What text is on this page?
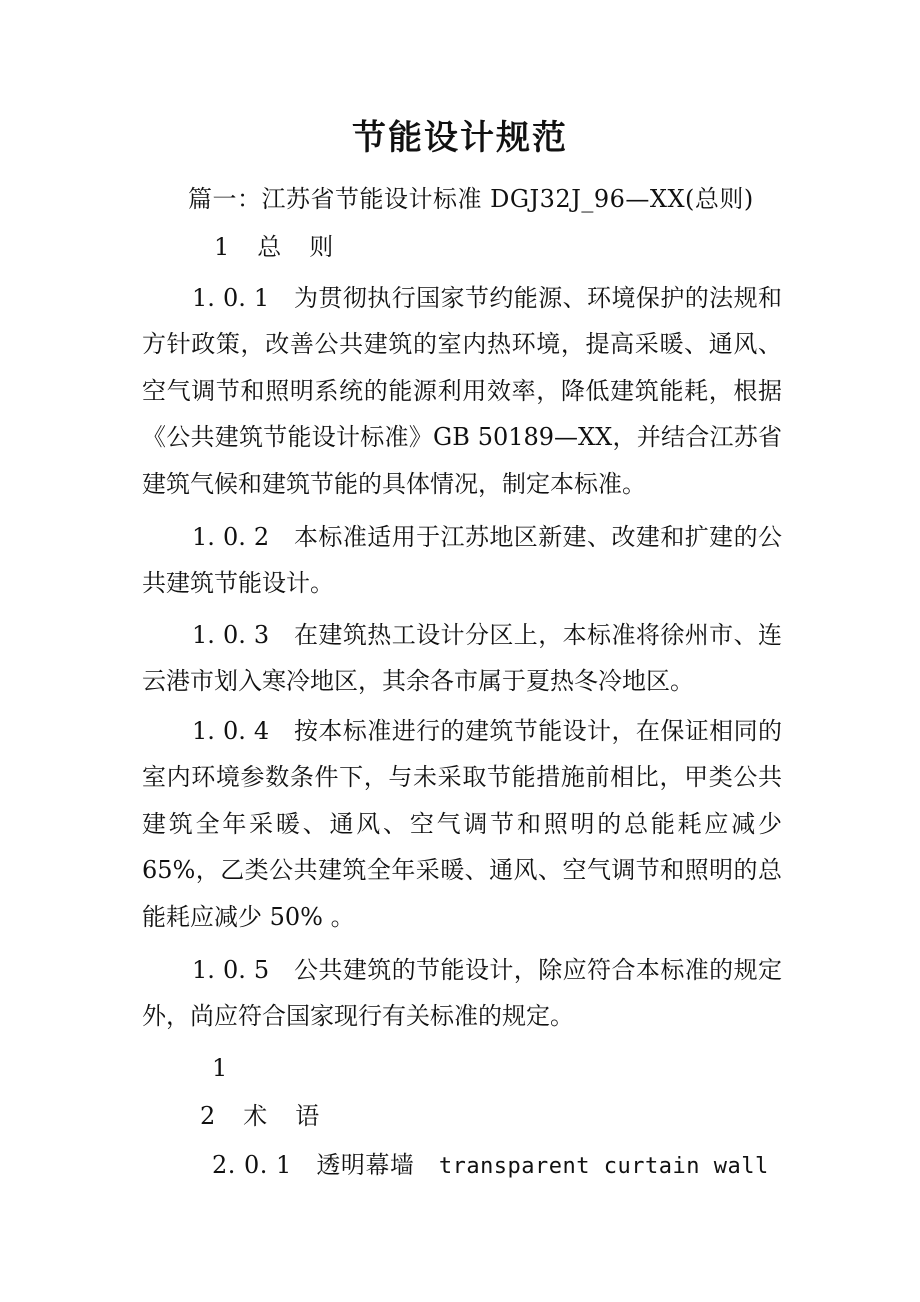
节能设计规范
篇一：江苏省节能设计标准 DGJ32J_96—XX(总则)
1　总　则
1. 0. 1　 为贯彻执行国家节约能源、环境保护的法规和方针政策，改善公共建筑的室内热环境，提高采暖、通风、空气调节和照明系统的能源利用效率，降低建筑能耗，根据《公共建筑节能设计标准》GB 50189—XX，并结合江苏省建筑气候和建筑节能的具体情况，制定本标准。
1. 0. 2　 本标准适用于江苏地区新建、改建和扩建的公共建筑节能设计。
1. 0. 3　 在建筑热工设计分区上，本标准将徐州市、连云港市划入寒冷地区，其余各市属于夏热冬冷地区。
1. 0. 4　 按本标准进行的建筑节能设计，在保证相同的室内环境参数条件下，与未采取节能措施前相比，甲类公共建筑全年采暖、通风、空气调节和照明的总能耗应减少65%，乙类公共建筑全年采暖、通风、空气调节和照明的总能耗应减少 50% 。
1. 0. 5　 公共建筑的节能设计，除应符合本标准的规定外，尚应符合国家现行有关标准的规定。
1
2　术　语
2. 0. 1　 透明幕墙　 transparent curtain wall
